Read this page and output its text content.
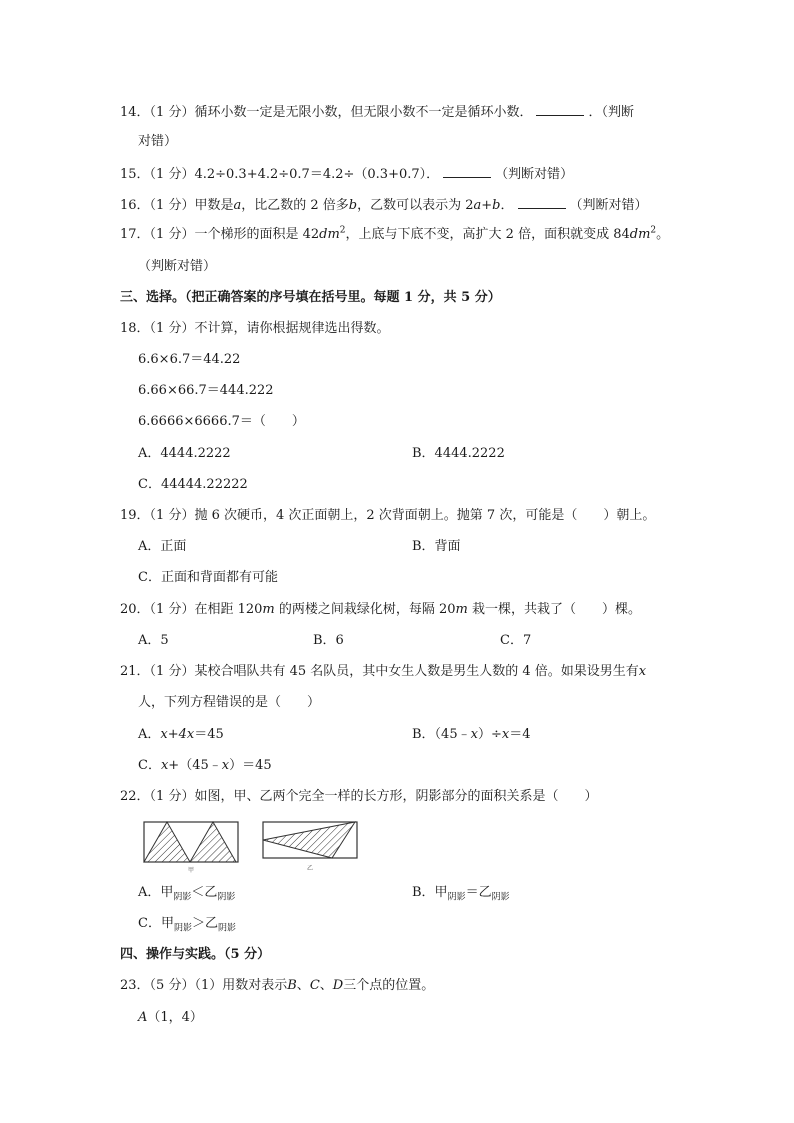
14．（1 分）循环小数一定是无限小数，但无限小数不一定是循环小数．	．（判断
对错）
15．（1 分）4.2÷0.3+4.2÷0.7＝4.2÷（0.3+0.7）．	（判断对错）
16．（1 分）甲数是a，比乙数的 2 倍多b，乙数可以表示为 2a+b．	（判断对错）
17．（1 分）一个梯形的面积是 $42dm^2$，上底与下底不变，高扩大 2 倍，面积就变成 $84dm^2$。
（判断对错）
三、选择。（把正确答案的序号填在括号里。每题 1 分，共 5 分）
18．（1 分）不计算，请你根据规律选出得数。
6.6×6.7＝44.22
6.66×66.7＝444.222
6.6666×6666.7＝（　　）
A．4444.2222	B．4444.2222
C．44444.22222
19．（1 分）抛 6 次硬币，4 次正面朝上，2 次背面朝上。抛第 7 次，可能是（　　）朝上。
A．正面	B．背面
C．正面和背面都有可能
20．（1 分）在相距 120m 的两楼之间栽绿化树，每隔 20m 栽一棵，共栽了（　　）棵。
A．5	B．6	C．7
21．（1 分）某校合唱队共有 45 名队员，其中女生人数是男生人数的 4 倍。如果设男生有x
人，下列方程错误的是（　　）
A．x+4x＝45	B．（45﹣x）÷x＝4
C．x+（45﹣x）＝45
22．（1 分）如图，甲、乙两个完全一样的长方形，阴影部分的面积关系是（　　）
甲	乙
A．甲$_{阴影}$＜乙$_{阴影}$	B．甲$_{阴影}$＝乙$_{阴影}$
C．甲$_{阴影}$＞乙$_{阴影}$
四、操作与实践。（5 分）
23．（5 分）（1）用数对表示B、C、D三个点的位置。
A（1，4）
